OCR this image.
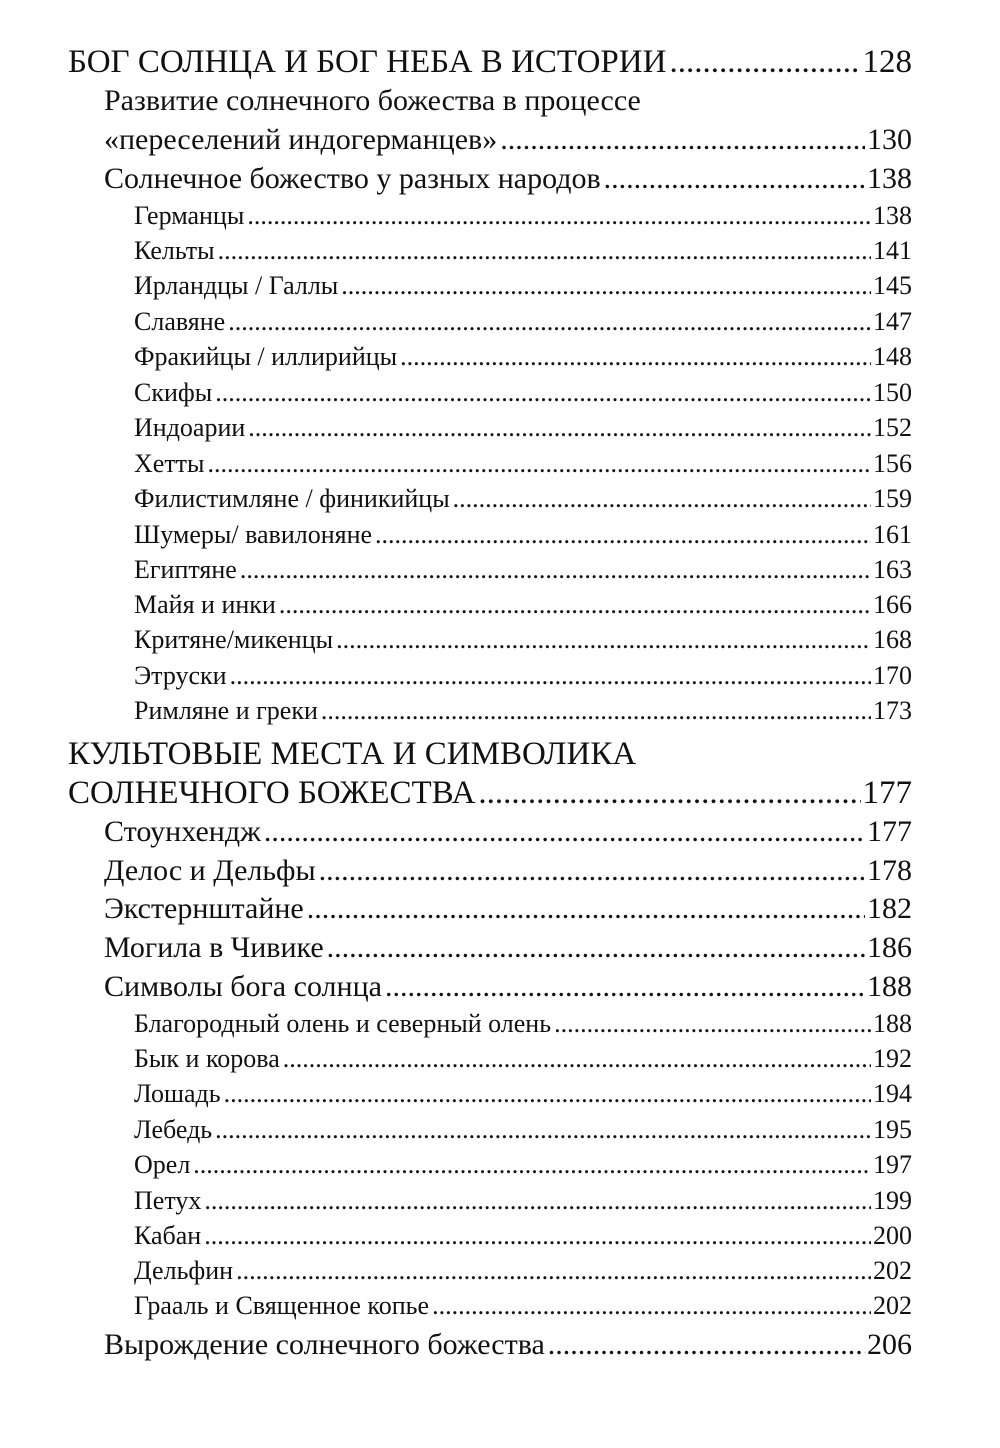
БОГ СОЛНЦА И БОГ НЕБА В ИСТОРИИ .....	128
Развитие солнечного божества в процессе
«переселений индогерманцев» .....	130
Солнечное божество у разных народов .....	138
Германцы .....	138
Кельты .....	141
Ирландцы / Галлы .....	145
Славяне .....	147
Фракийцы / иллирийцы .....	148
Скифы .....	150
Индоарии .....	152
Хетты .....	156
Филистимляне / финикийцы .....	159
Шумеры/ вавилоняне .....	161
Египтяне .....	163
Майя и инки .....	166
Критяне/микенцы .....	168
Этруски .....	170
Римляне и греки .....	173
КУЛЬТОВЫЕ МЕСТА И СИМВОЛИКА
СОЛНЕЧНОГО БОЖЕСТВА .....	177
Стоунхендж .....	177
Делос и Дельфы .....	178
Экстернштайне .....	182
Могила в Чивике .....	186
Символы бога солнца .....	188
Благородный олень и северный олень .....	188
Бык и корова .....	192
Лошадь .....	194
Лебедь .....	195
Орел .....	197
Петух .....	199
Кабан .....	200
Дельфин .....	202
Грааль и Священное копье .....	202
Вырождение солнечного божества .....	206
